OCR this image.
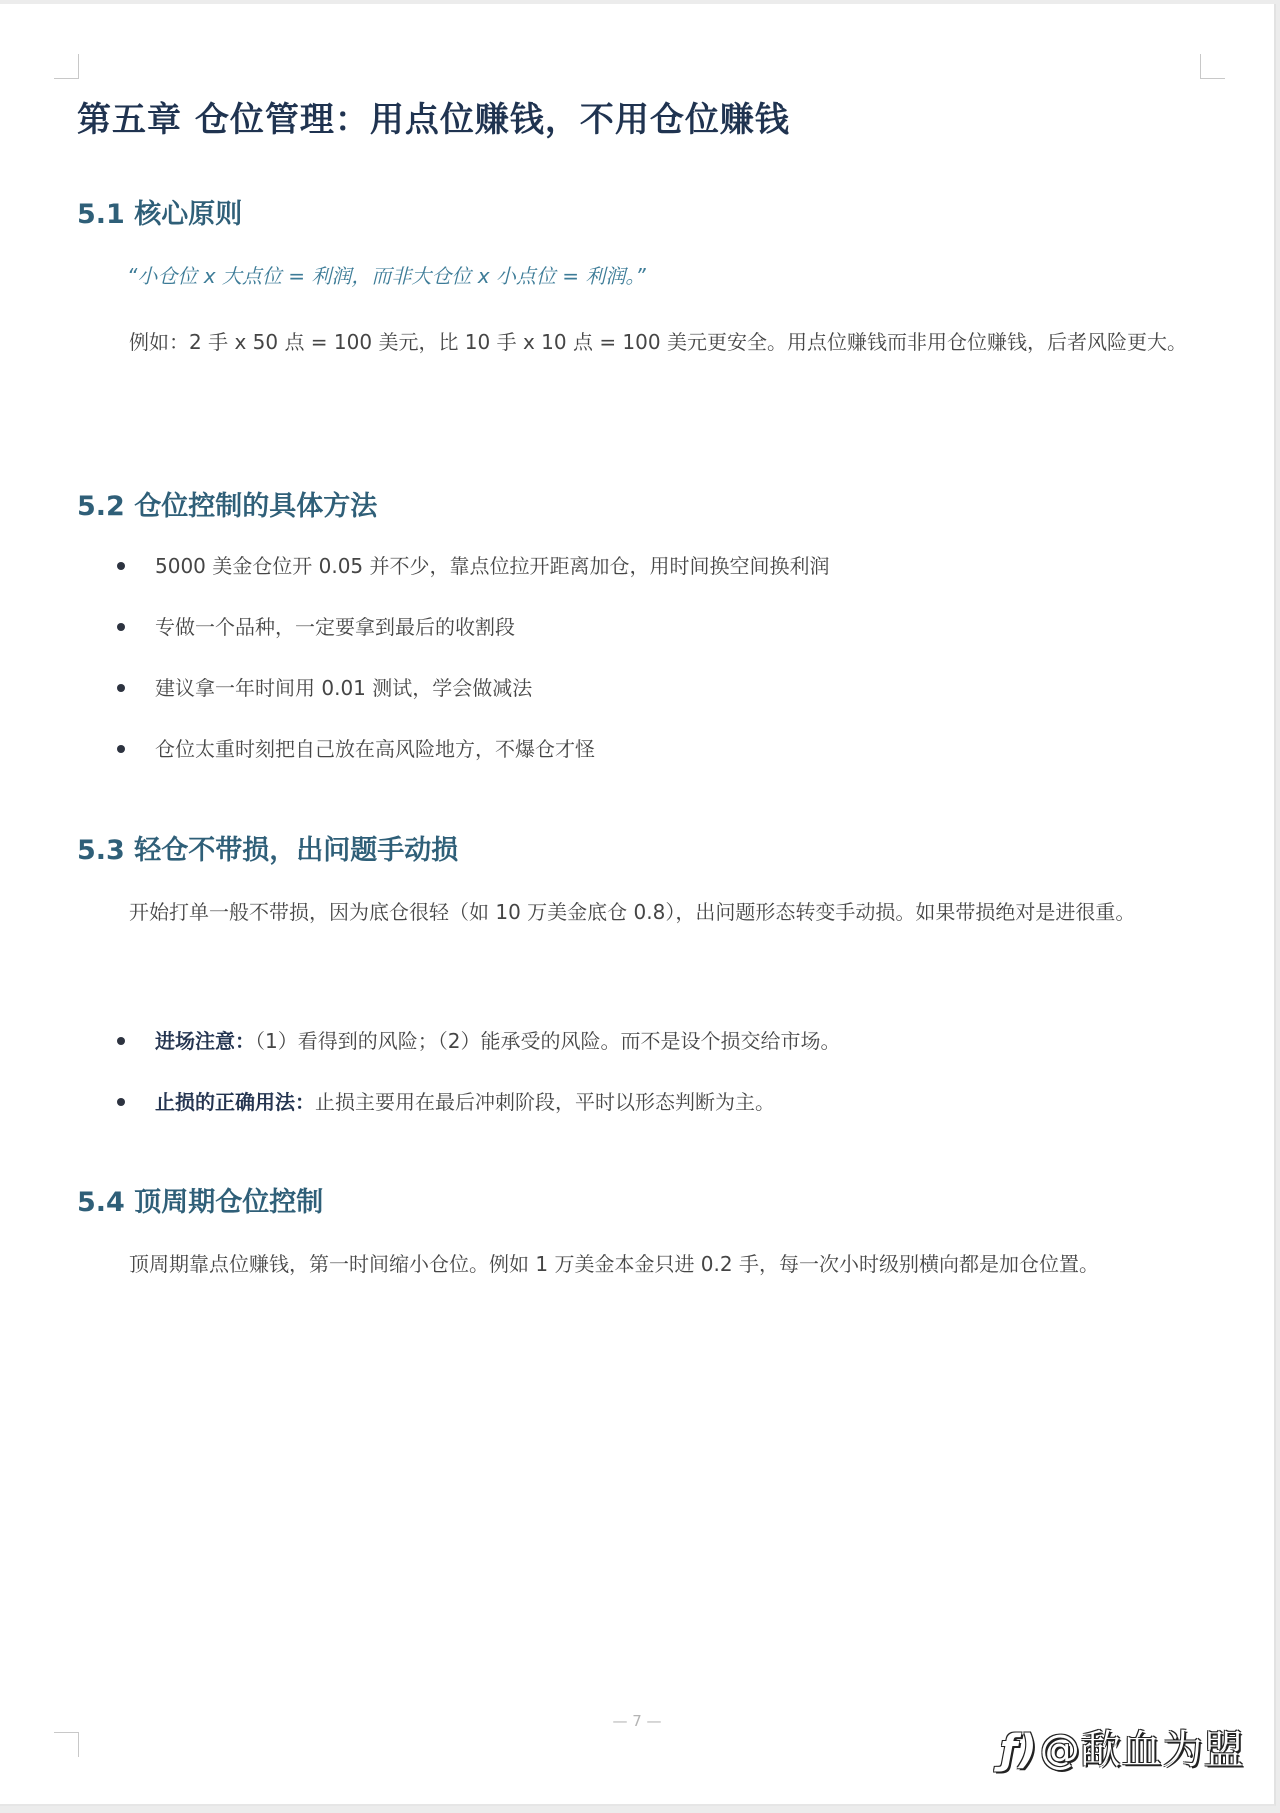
第五章 仓位管理：用点位赚钱，不用仓位赚钱
5.1 核心原则

“小仓位 x 大点位 = 利润，而非大仓位 x 小点位 = 利润。”

例如：2 手 x 50 点 = 100 美元，比 10 手 x 10 点 = 100 美元更安全。用点位赚钱而非用仓位赚钱，后者风险更大。

5.2 仓位控制的具体方法
5000 美金仓位开 0.05 并不少，靠点位拉开距离加仓，用时间换空间换利润
专做一个品种，一定要拿到最后的收割段
建议拿一年时间用 0.01 测试，学会做减法
仓位太重时刻把自己放在高风险地方，不爆仓才怪
5.3 轻仓不带损，出问题手动损

开始打单一般不带损，因为底仓很轻（如 10 万美金底仓 0.8），出问题形态转变手动损。如果带损绝对是进很重。

进场注意：（1）看得到的风险；（2）能承受的风险。而不是设个损交给市场。
止损的正确用法：止损主要用在最后冲刺阶段，平时以形态判断为主。
5.4 顶周期仓位控制

顶周期靠点位赚钱，第一时间缩小仓位。例如 1 万美金本金只进 0.2 手，每一次小时级别横向都是加仓位置。

— 7 —
ƒ)@歃血为盟
